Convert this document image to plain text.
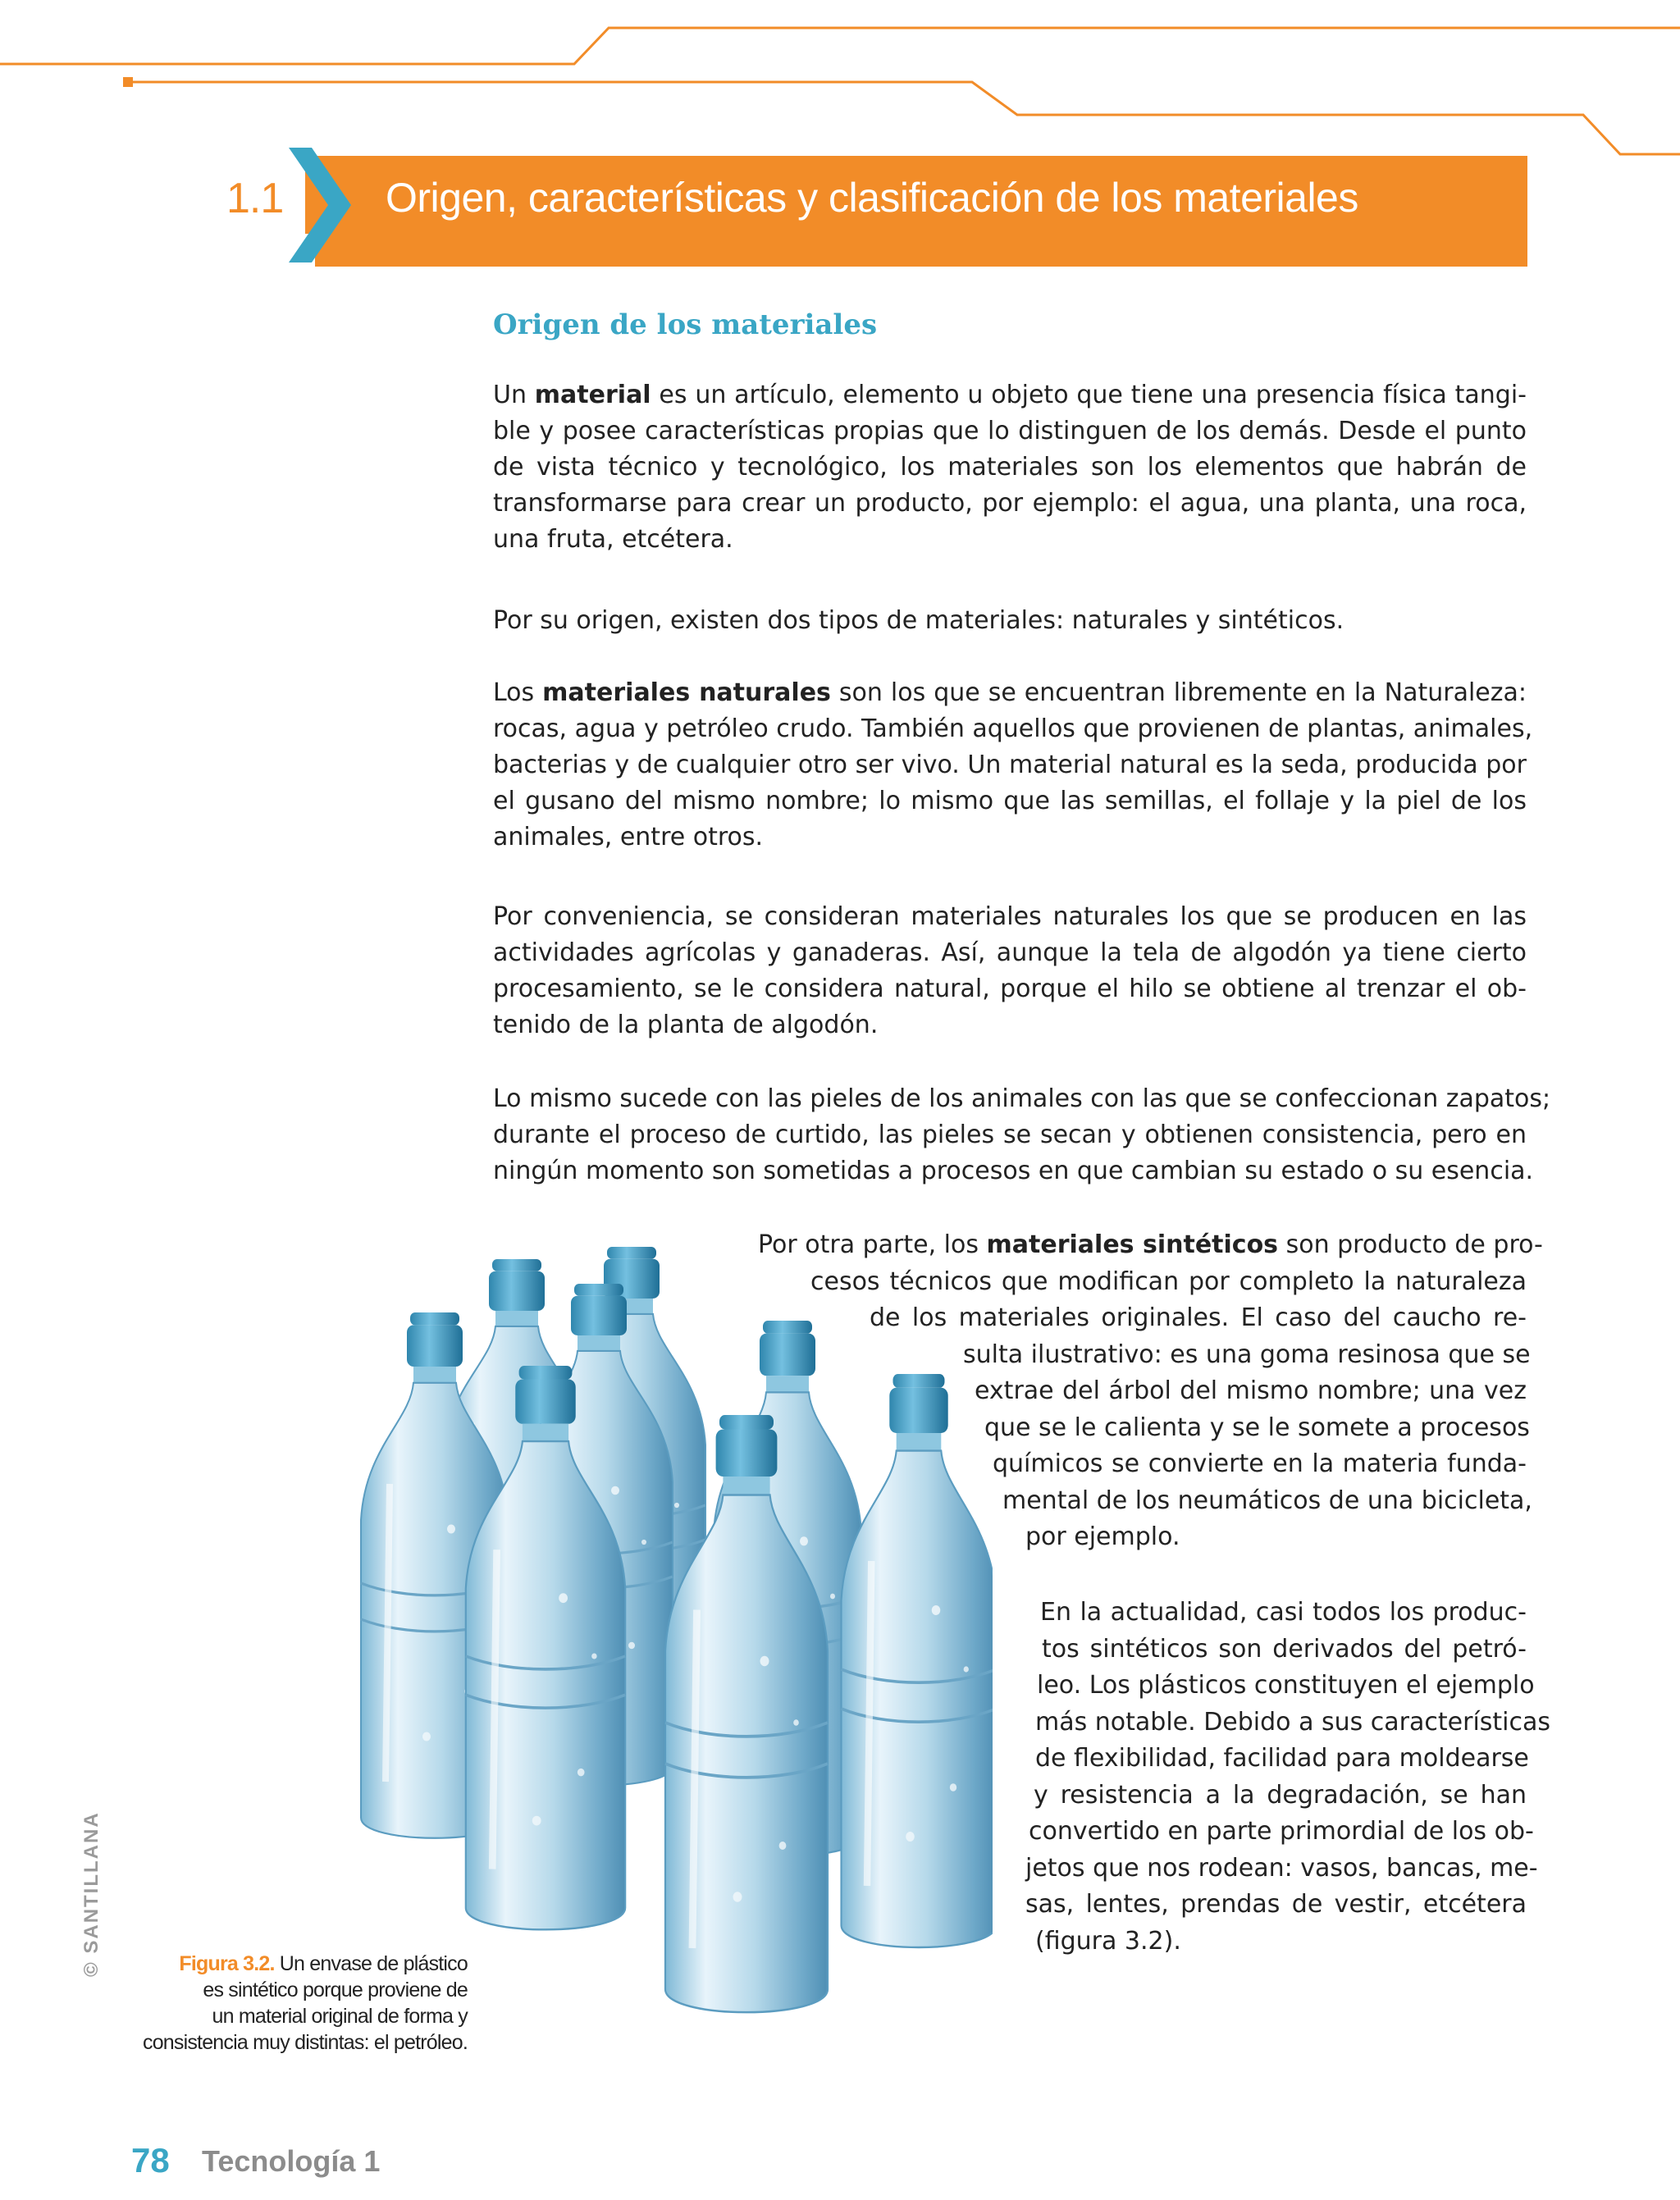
1.1 Origen, características y clasificación de los materiales
Origen de los materiales
Un material es un artículo, elemento u objeto que tiene una presencia física tangi-
ble y posee características propias que lo distinguen de los demás. Desde el punto
de vista técnico y tecnológico, los materiales son los elementos que habrán de
transformarse para crear un producto, por ejemplo: el agua, una planta, una roca,
una fruta, etcétera.
Por su origen, existen dos tipos de materiales: naturales y sintéticos.
Los materiales naturales son los que se encuentran libremente en la Naturaleza:
rocas, agua y petróleo crudo. También aquellos que provienen de plantas, animales,
bacterias y de cualquier otro ser vivo. Un material natural es la seda, producida por
el gusano del mismo nombre; lo mismo que las semillas, el follaje y la piel de los
animales, entre otros.
Por conveniencia, se consideran materiales naturales los que se producen en las
actividades agrícolas y ganaderas. Así, aunque la tela de algodón ya tiene cierto
procesamiento, se le considera natural, porque el hilo se obtiene al trenzar el ob-
tenido de la planta de algodón.
Lo mismo sucede con las pieles de los animales con las que se confeccionan zapatos;
durante el proceso de curtido, las pieles se secan y obtienen consistencia, pero en
ningún momento son sometidas a procesos en que cambian su estado o su esencia.
Por otra parte, los materiales sintéticos son producto de pro-
cesos técnicos que modifican por completo la naturaleza
de los materiales originales. El caso del caucho re-
sulta ilustrativo: es una goma resinosa que se
extrae del árbol del mismo nombre; una vez
que se le calienta y se le somete a procesos
químicos se convierte en la materia funda-
mental de los neumáticos de una bicicleta,
por ejemplo.
En la actualidad, casi todos los produc-
tos sintéticos son derivados del petró-
leo. Los plásticos constituyen el ejemplo
más notable. Debido a sus características
de flexibilidad, facilidad para moldearse
y resistencia a la degradación, se han
convertido en parte primordial de los ob-
jetos que nos rodean: vasos, bancas, me-
sas, lentes, prendas de vestir, etcétera
(figura 3.2).
Figura 3.2. Un envase de plástico
es sintético porque proviene de
un material original de forma y
consistencia muy distintas: el petróleo.
© SANTILLANA
78 Tecnología 1
